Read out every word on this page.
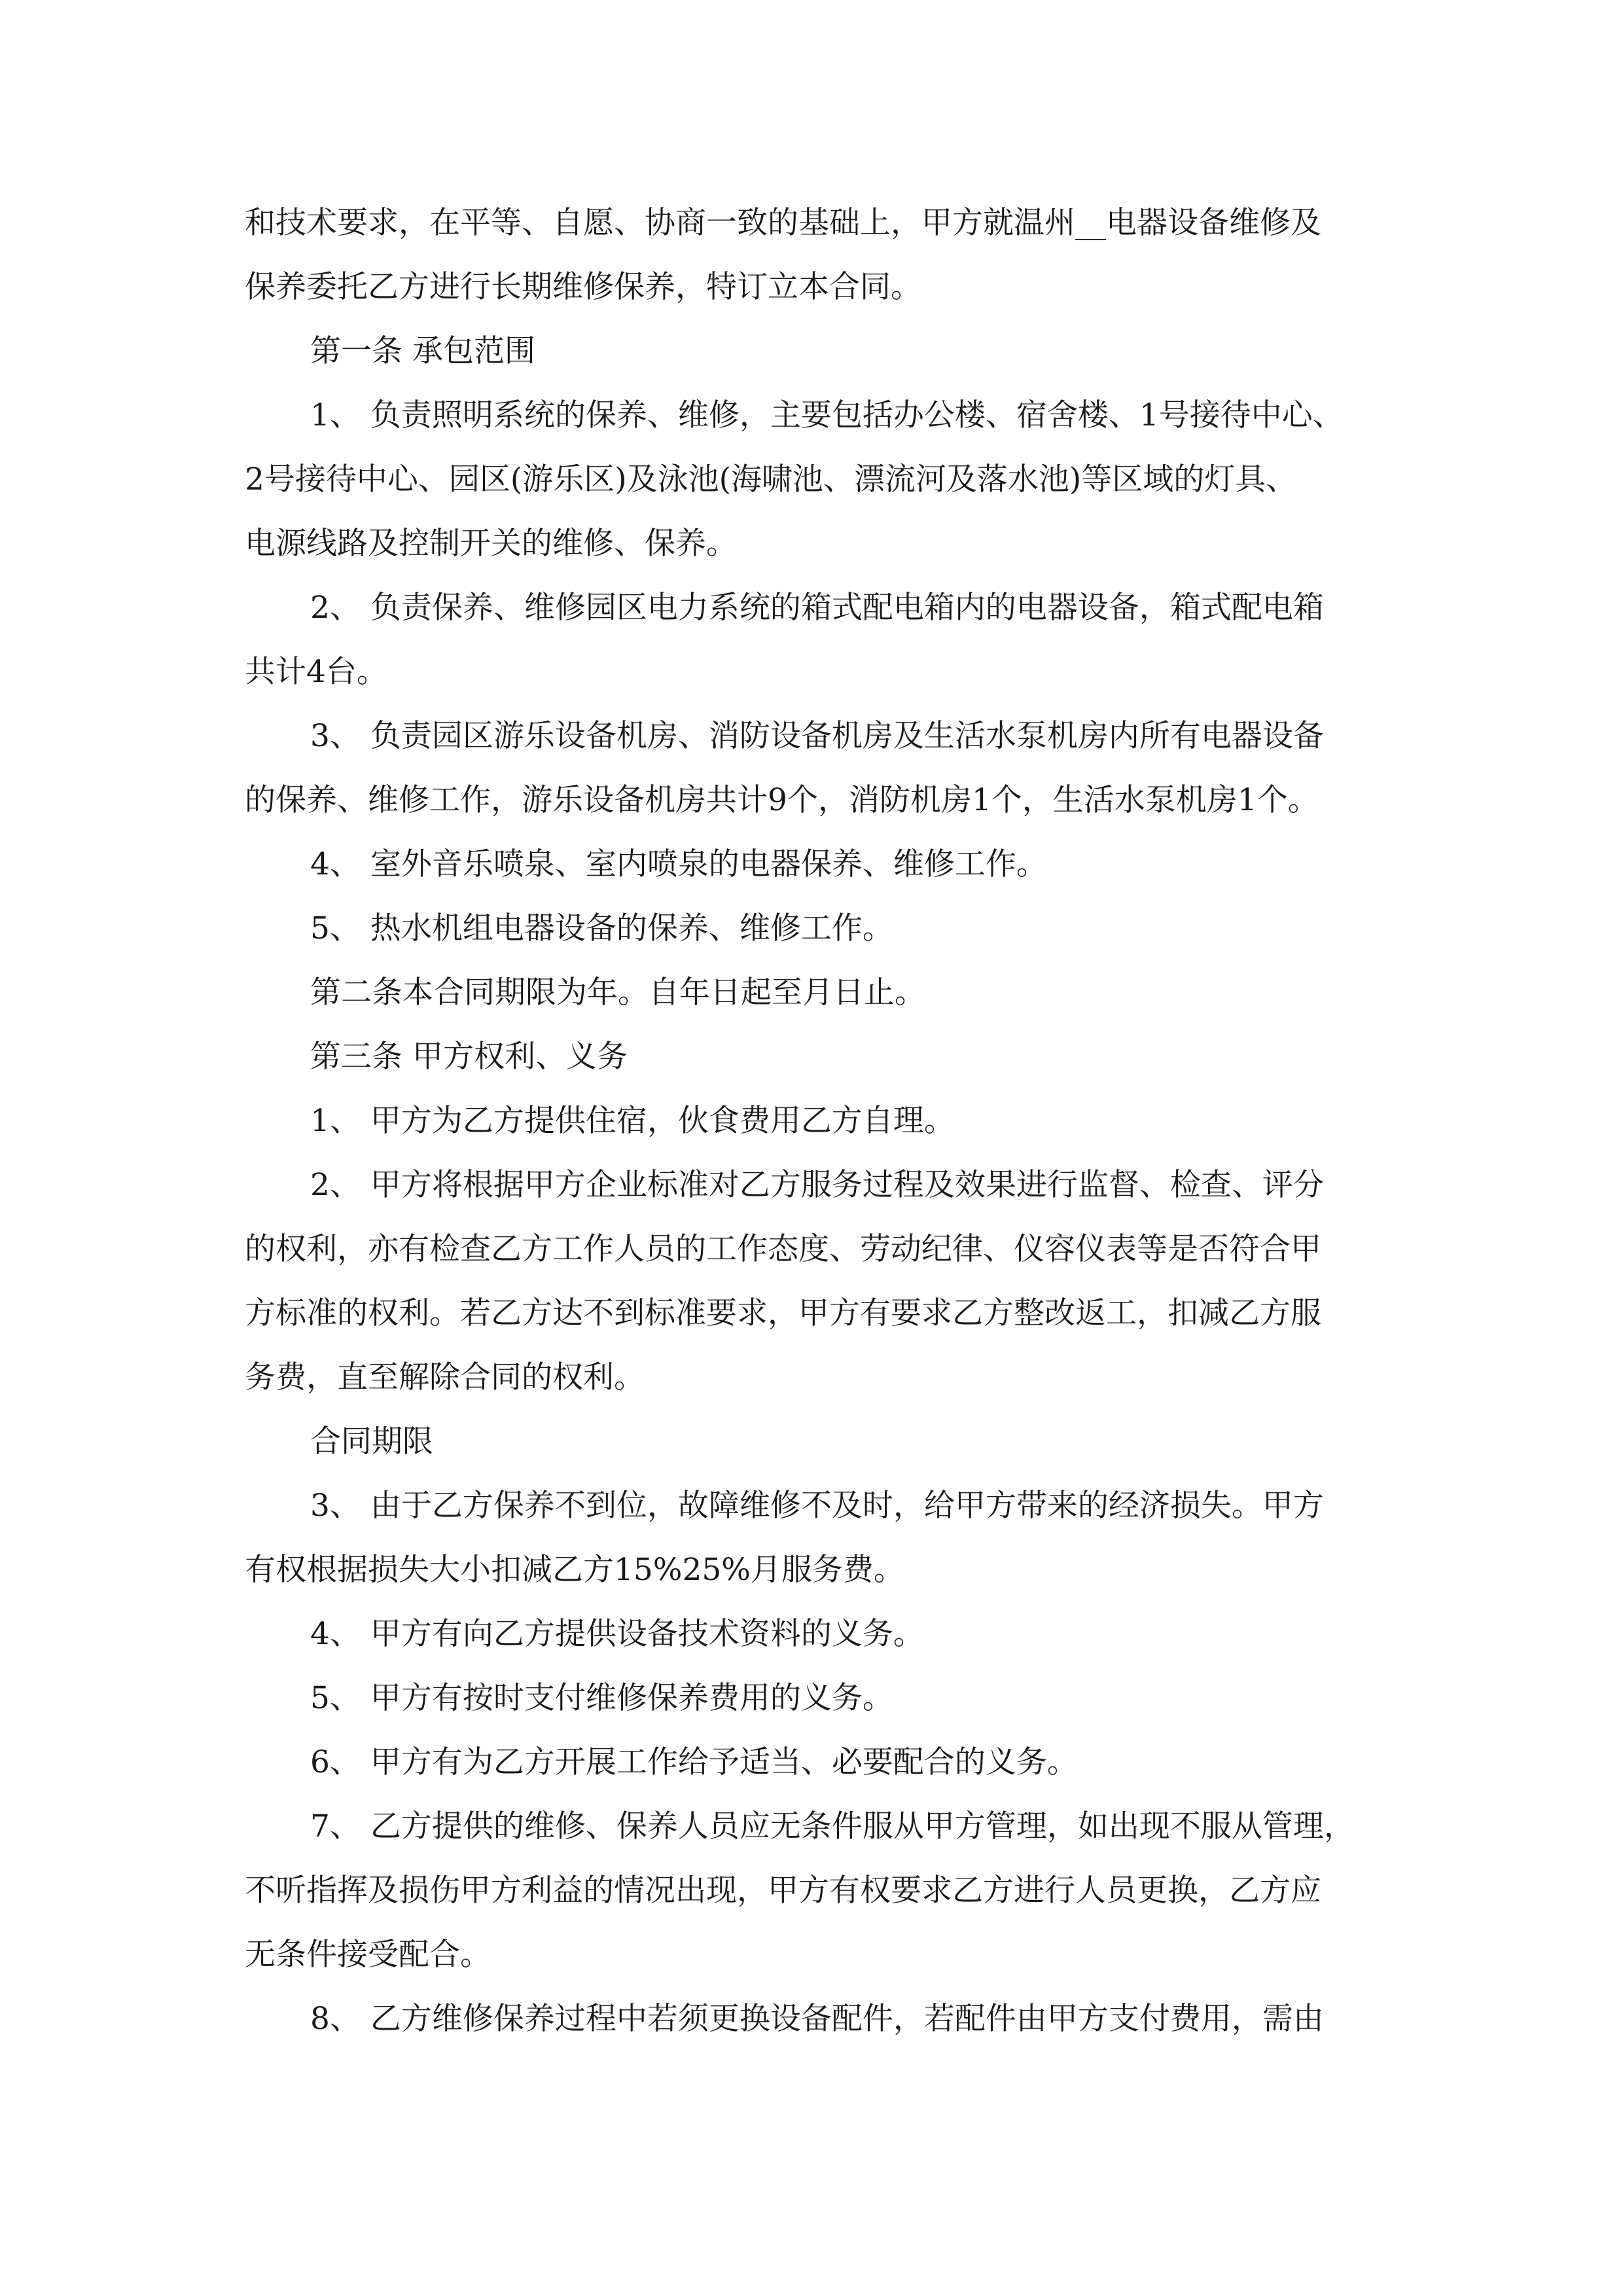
和技术要求，在平等、自愿、协商一致的基础上，甲方就温州__电器设备维修及
保养委托乙方进行长期维修保养，特订立本合同。
第一条 承包范围
1、 负责照明系统的保养、维修，主要包括办公楼、宿舍楼、1号接待中心、
2号接待中心、园区(游乐区)及泳池(海啸池、漂流河及落水池)等区域的灯具、
电源线路及控制开关的维修、保养。
2、 负责保养、维修园区电力系统的箱式配电箱内的电器设备，箱式配电箱
共计4台。
3、 负责园区游乐设备机房、消防设备机房及生活水泵机房内所有电器设备
的保养、维修工作，游乐设备机房共计9个，消防机房1个，生活水泵机房1个。
4、 室外音乐喷泉、室内喷泉的电器保养、维修工作。
5、 热水机组电器设备的保养、维修工作。
第二条本合同期限为年。自年日起至月日止。
第三条 甲方权利、义务
1、 甲方为乙方提供住宿，伙食费用乙方自理。
2、 甲方将根据甲方企业标准对乙方服务过程及效果进行监督、检查、评分
的权利，亦有检查乙方工作人员的工作态度、劳动纪律、仪容仪表等是否符合甲
方标准的权利。若乙方达不到标准要求，甲方有要求乙方整改返工，扣减乙方服
务费，直至解除合同的权利。
合同期限
3、 由于乙方保养不到位，故障维修不及时，给甲方带来的经济损失。甲方
有权根据损失大小扣减乙方15%25%月服务费。
4、 甲方有向乙方提供设备技术资料的义务。
5、 甲方有按时支付维修保养费用的义务。
6、 甲方有为乙方开展工作给予适当、必要配合的义务。
7、 乙方提供的维修、保养人员应无条件服从甲方管理，如出现不服从管理，
不听指挥及损伤甲方利益的情况出现，甲方有权要求乙方进行人员更换，乙方应
无条件接受配合。
8、 乙方维修保养过程中若须更换设备配件，若配件由甲方支付费用，需由
